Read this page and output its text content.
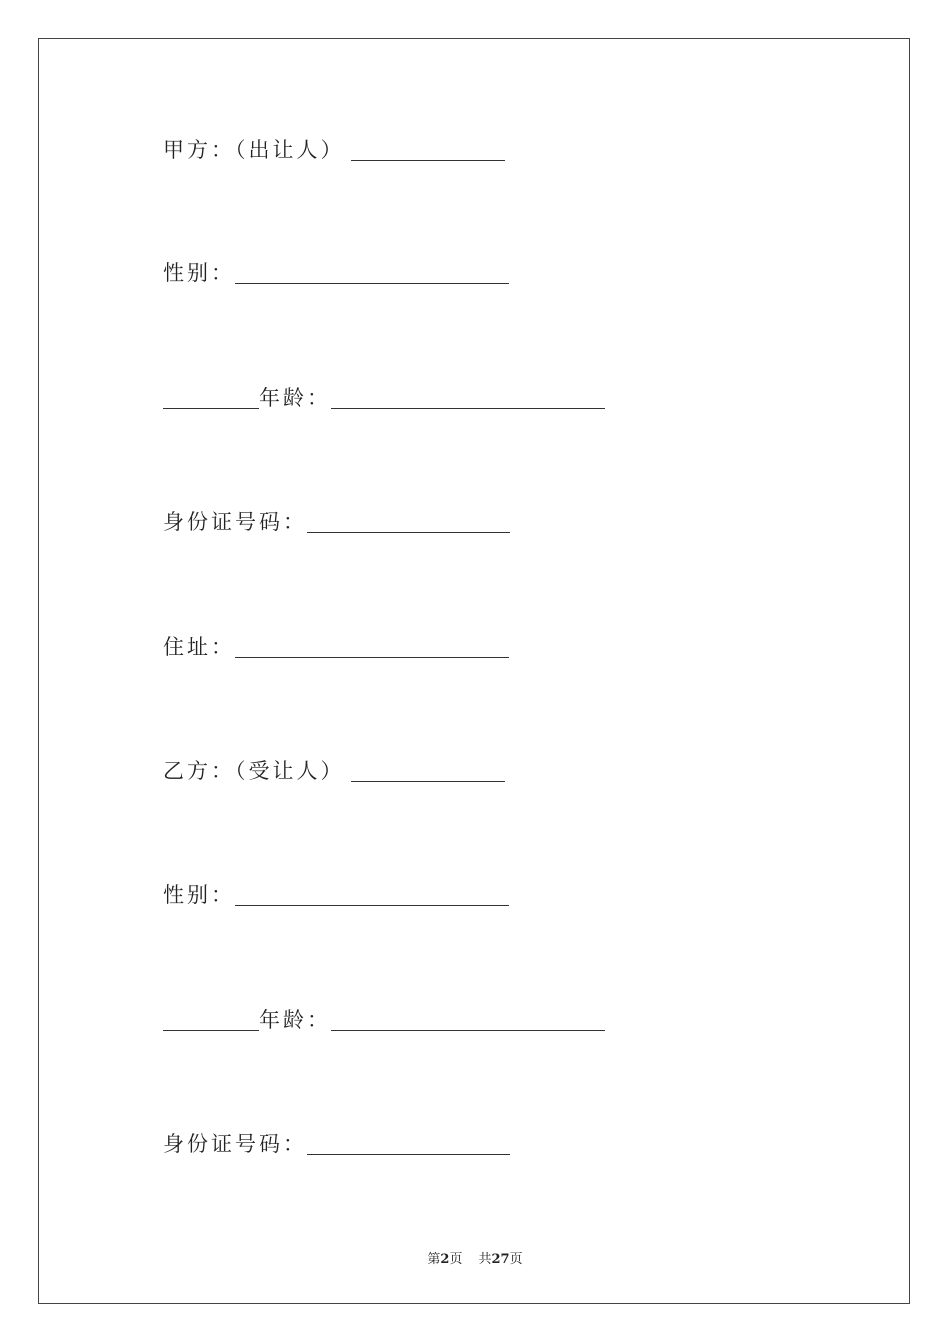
甲方：（出让人）
性别：
年龄：
身份证号码：
住址：
乙方：（受让人）
性别：
年龄：
身份证号码：
第2页 共27页
